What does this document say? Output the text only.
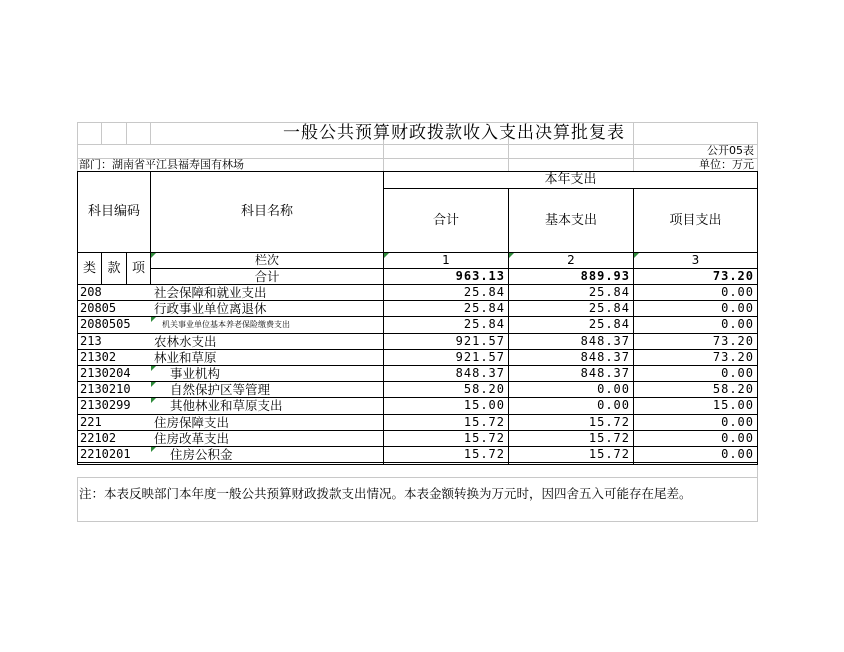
一般公共预算财政拨款收入支出决算批复表
公开05表
部门：湖南省平江县福寿国有林场	单位：万元
科目编码	科目名称
本年支出
合计	基本支出	项目支出
类 款 项
栏次	1	2	3
合计	963.13	889.93	73.20
208	社会保障和就业支出	25.84	25.84	0.00
20805	行政事业单位离退休	25.84	25.84	0.00
2080505	机关事业单位基本养老保险缴费支出	25.84	25.84	0.00
213	农林水支出	921.57	848.37	73.20
21302	林业和草原	921.57	848.37	73.20
2130204	事业机构	848.37	848.37	0.00
2130210	自然保护区等管理	58.20	0.00	58.20
2130299	其他林业和草原支出	15.00	0.00	15.00
221	住房保障支出	15.72	15.72	0.00
22102	住房改革支出	15.72	15.72	0.00
2210201	住房公积金	15.72	15.72	0.00
注：本表反映部门本年度一般公共预算财政拨款支出情况。本表金额转换为万元时，因四舍五入可能存在尾差。
